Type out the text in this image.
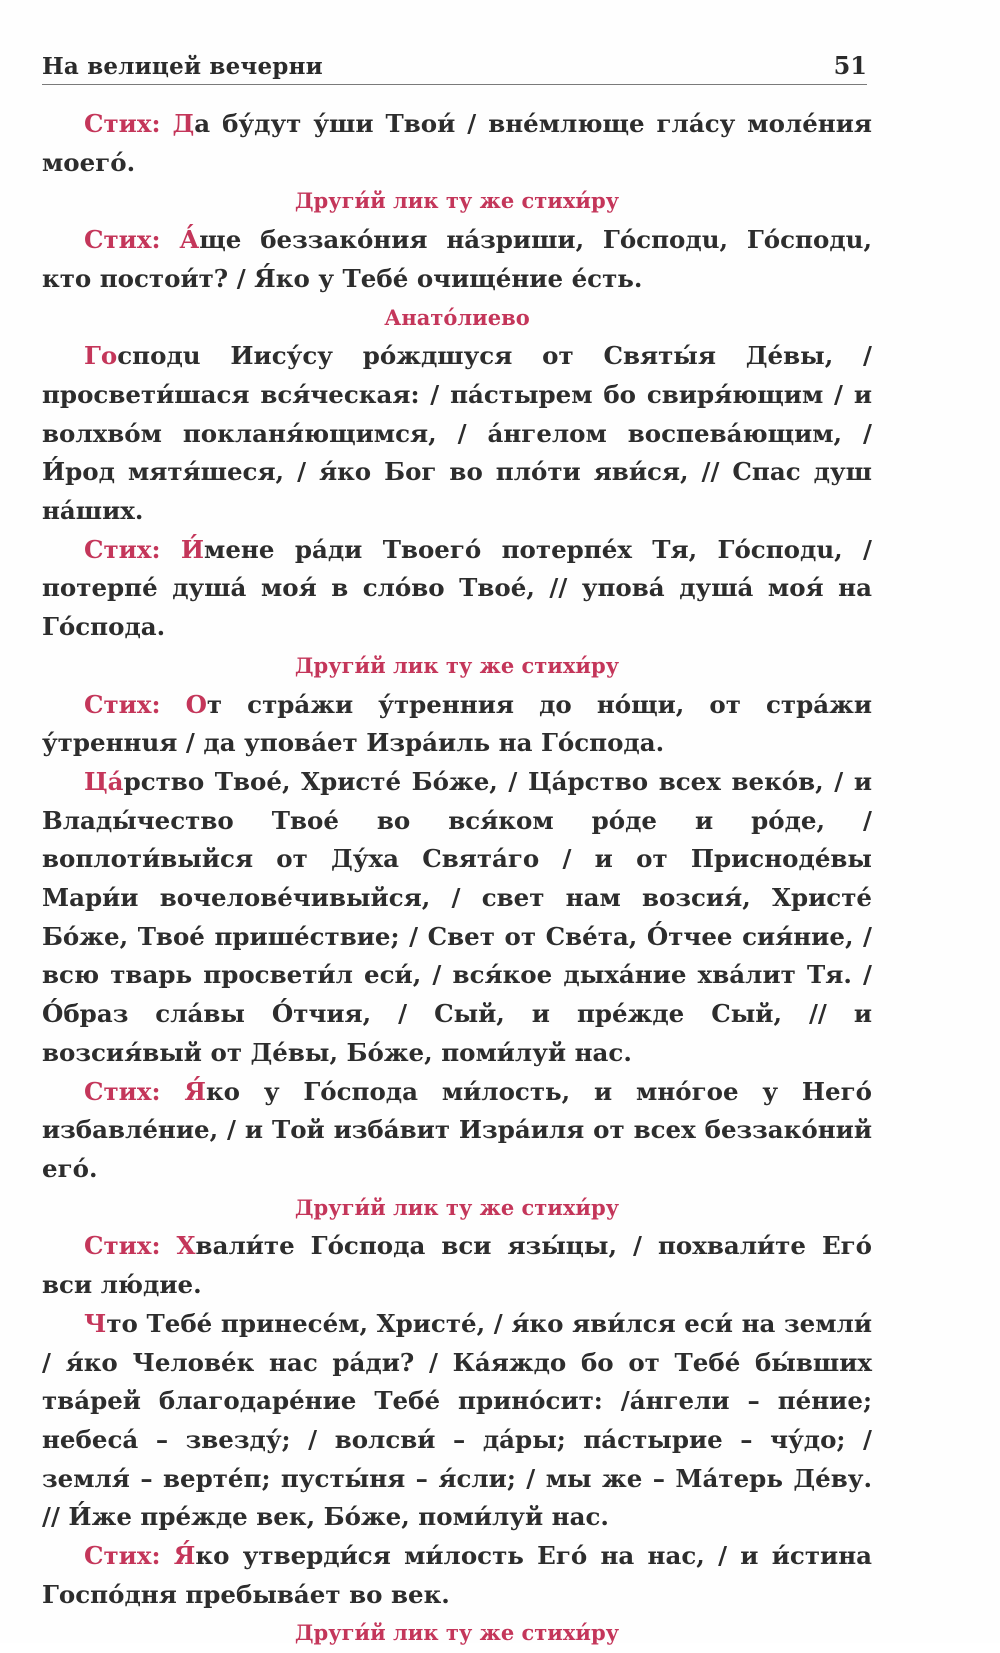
На велицей вечерни	51

Стих: Да бу́дут у́ши Твои́ / вне́млюще гла́су моле́ния моего́.

Други́й лик ту же стихи́ру

Стих: А́ще беззако́ния на́зриши, Го́сподu, Го́сподu, кто постои́т? / Я́ко у Тебе́ очище́ние е́сть.

Анато́лиево

Господu Иису́су ро́ждшуся от Святы́я Де́вы, / просвети́шася вся́ческая: / па́стырем бо свиря́ющим / и волхво́м покланя́ющимся, / а́нгелом воспева́ющим, / И́род мятя́шеся, / я́ко Бог во пло́ти яви́ся, // Спас душ на́ших.

Стих: И́мене ра́ди Твоего́ потерпе́х Тя, Го́сподu, / потерпе́ душа́ моя́ в сло́во Твое́, // упова́ душа́ моя́ на Го́спода.

Други́й лик ту же стихи́ру

Стих: От стра́жи у́тренния до но́щи, от стра́жи у́треннuя / да упова́ет Изра́иль на Го́спода.

Ца́рство Твое́, Христе́ Бо́же, / Ца́рство всех веко́в, / и Влады́чество Твое́ во вся́ком ро́де и ро́де, /воплоти́выйся от Ду́ха Свята́го / и от Приснодéвы Мари́и вочелове́чивыйся, / свет нам возсия́, Христе́ Бо́же, Твое́ прише́ствие; / Свет от Све́та, О́тчее сия́ние, / всю тварь просвети́л еси́, / вся́кое дыха́ние хва́лит Тя. / О́браз сла́вы О́тчия, / Сый, и пре́жде Сый, // и возсия́вый от Де́вы, Бо́же, поми́луй нас.

Стих: Я́ко у Го́спода ми́лость, и мно́гое у Него́ избавле́ние, / и Той изба́вит Изра́иля от всех беззако́ний его́.

Други́й лик ту же стихи́ру

Стих: Хвали́те Го́спода вси язы́цы, / похвали́те Его́ вси лю́дие.

Что Тебе́ принесе́м, Христе́, / я́ко яви́лся еси́ на земли́ / я́ко Челове́к нас ра́ди? / Ка́яждо бо от Тебе́ бы́вших тва́рей благодаре́ние Тебе́ прино́сит: /а́нгели – пе́ние; небеса́ – звезду́; / волсви́ – да́ры; па́стырие – чу́до; / земля́ – верте́п; пусты́ня – я́сли; / мы же – Ма́терь Де́ву. // И́же пре́жде век, Бо́же, поми́луй нас.

Стих: Я́ко утверди́ся ми́лость Его́ на нас, / и и́стина Госпо́дня пребыва́ет во век.

Други́й лик ту же стихи́ру
